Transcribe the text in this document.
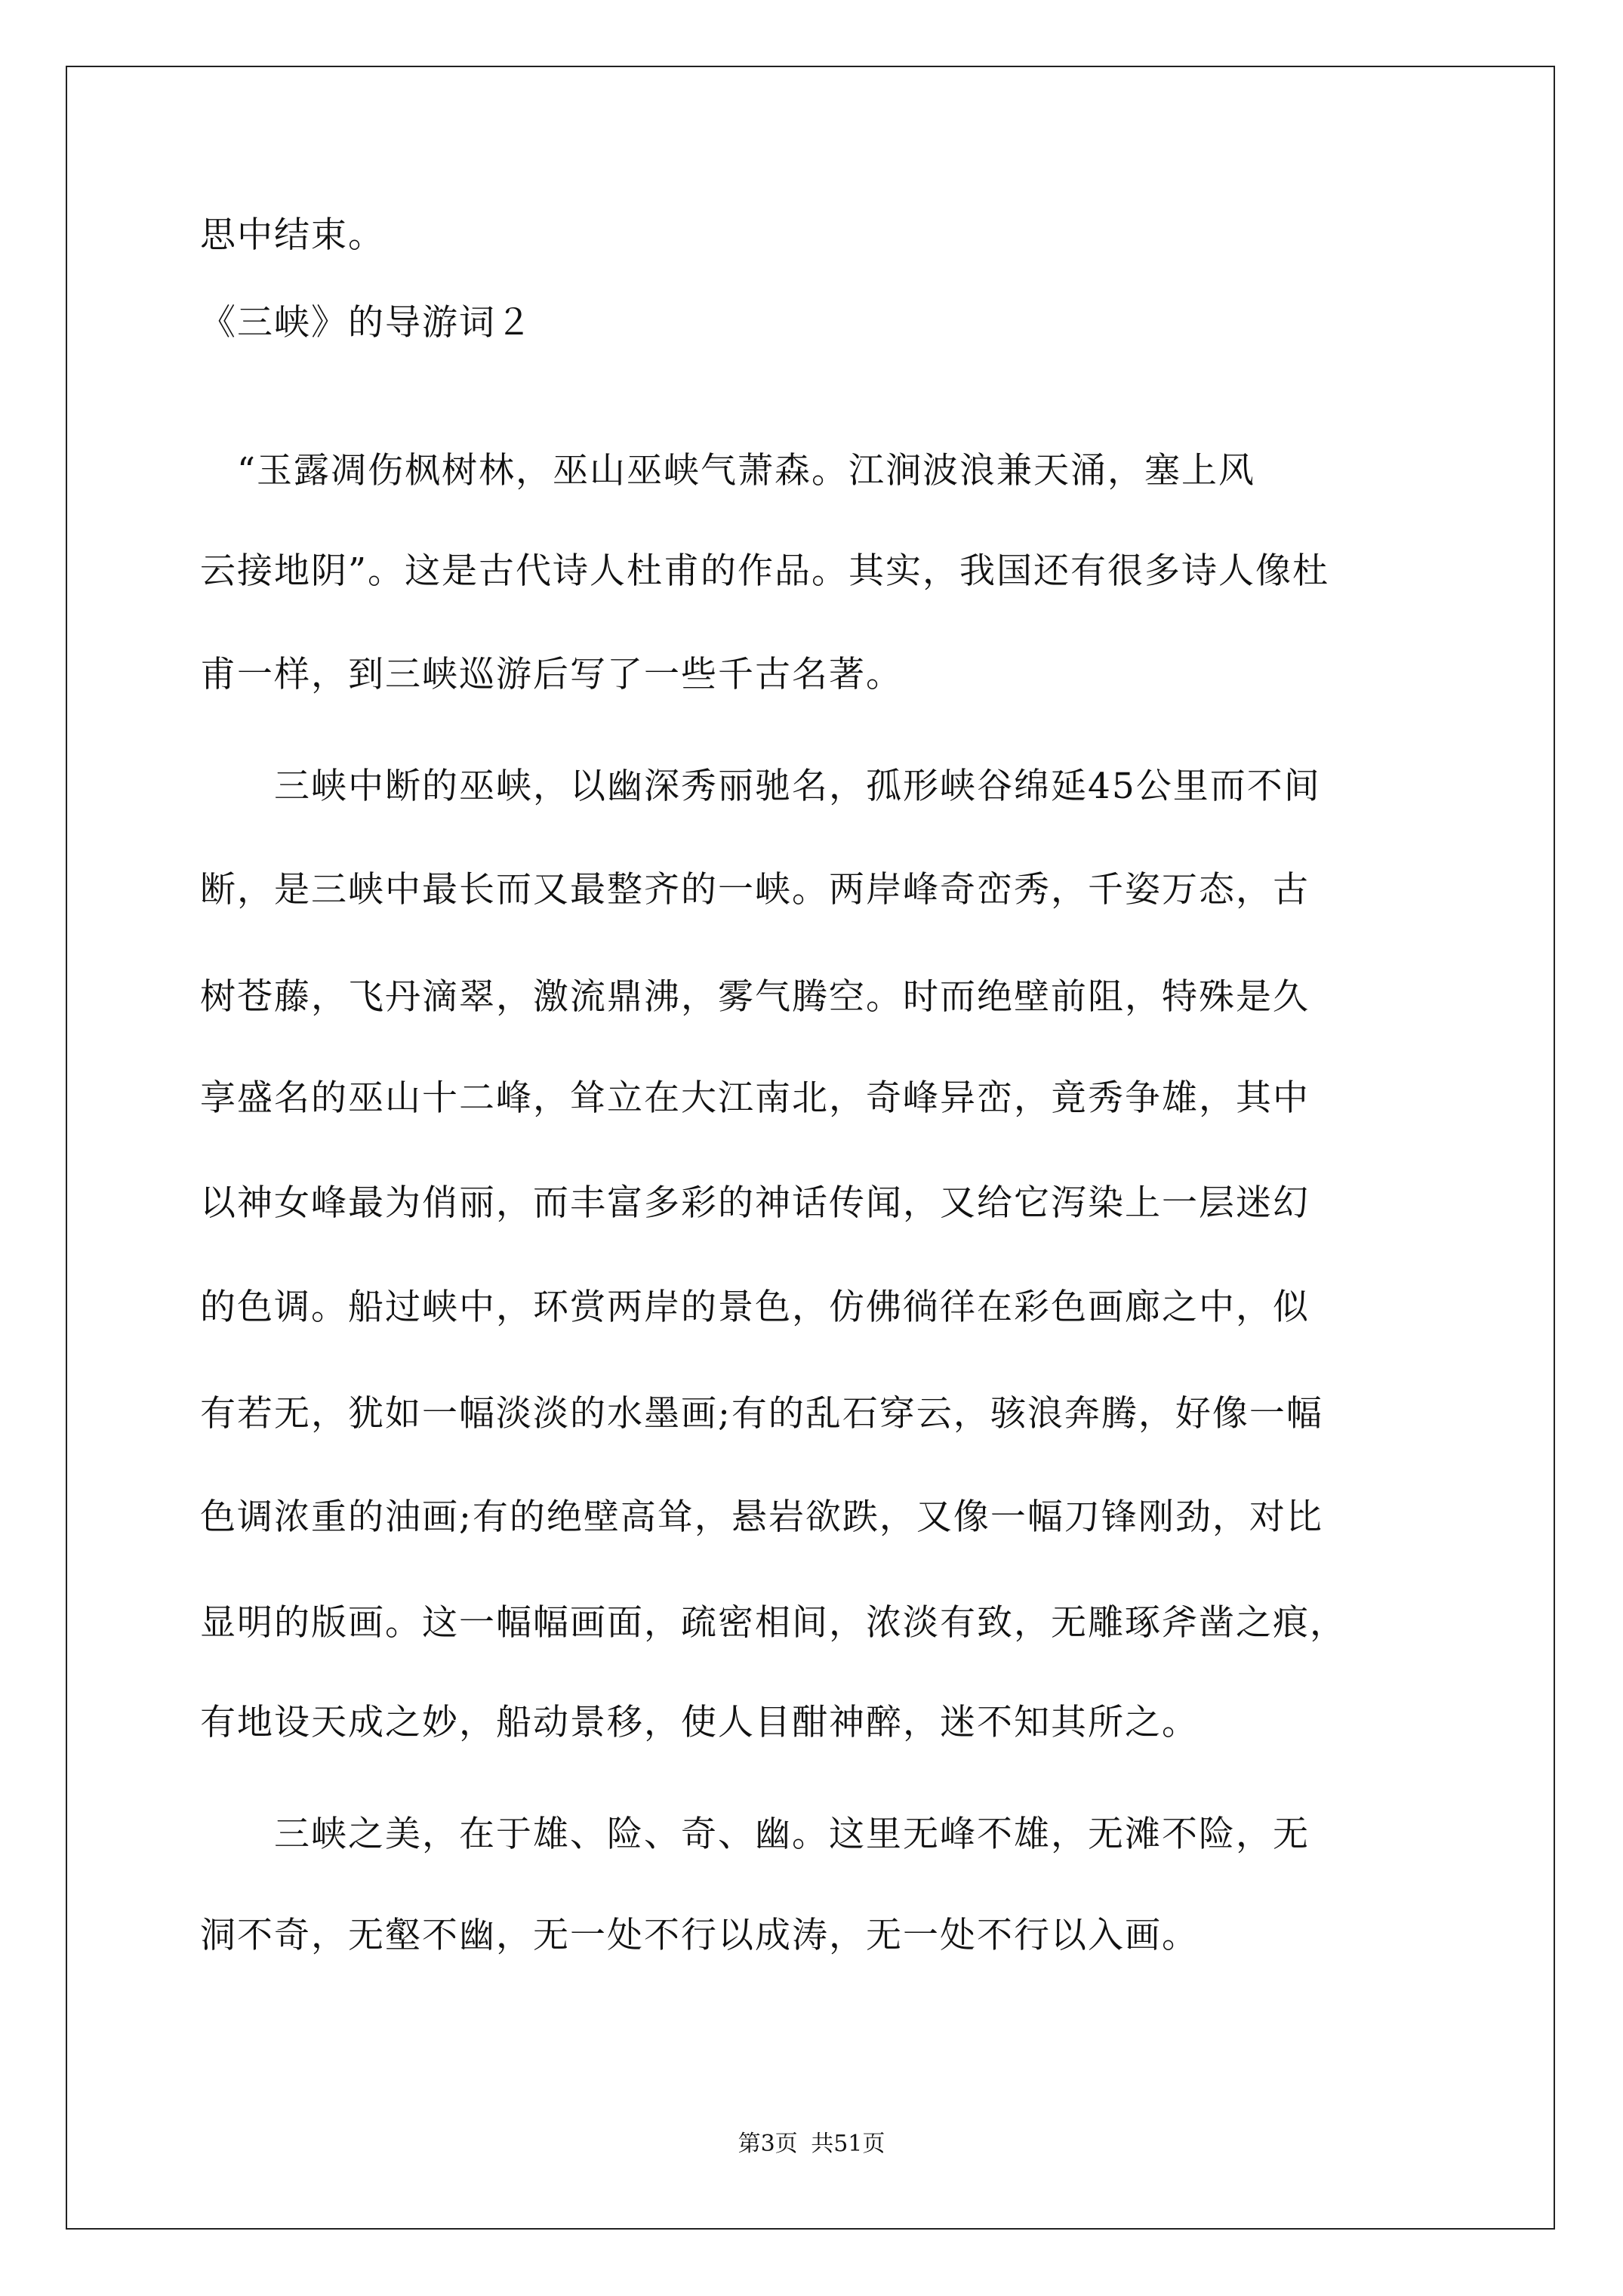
思中结束。
《三峡》的导游词２
　“玉露凋伤枫树林，巫山巫峡气萧森。江涧波浪兼天涌，塞上风
云接地阴”。这是古代诗人杜甫的作品。其实，我国还有很多诗人像杜
甫一样，到三峡巡游后写了一些千古名著。
　　三峡中断的巫峡，以幽深秀丽驰名，孤形峡谷绵延45公里而不间
断，是三峡中最长而又最整齐的一峡。两岸峰奇峦秀，千姿万态，古
树苍藤，飞丹滴翠，激流鼎沸，雾气腾空。时而绝壁前阻，特殊是久
享盛名的巫山十二峰，耸立在大江南北，奇峰异峦，竟秀争雄，其中
以神女峰最为俏丽，而丰富多彩的神话传闻，又给它泻染上一层迷幻
的色调。船过峡中，环赏两岸的景色，仿佛徜徉在彩色画廊之中，似
有若无，犹如一幅淡淡的水墨画;有的乱石穿云，骇浪奔腾，好像一幅
色调浓重的油画;有的绝壁高耸，悬岩欲跌，又像一幅刀锋刚劲，对比
显明的版画。这一幅幅画面，疏密相间，浓淡有致，无雕琢斧凿之痕，
有地设天成之妙，船动景移，使人目酣神醉，迷不知其所之。
　　三峡之美，在于雄、险、奇、幽。这里无峰不雄，无滩不险，无
洞不奇，无壑不幽，无一处不行以成涛，无一处不行以入画。
第3页 共51页
